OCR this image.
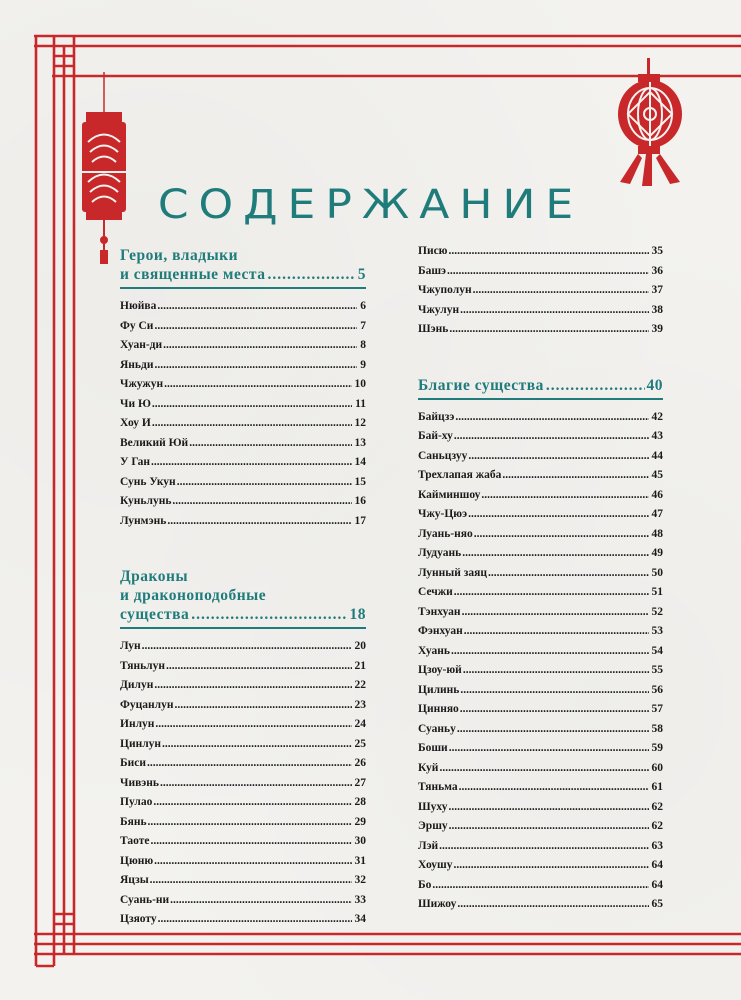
СОДЕРЖАНИЕ
Герои, владыки
и священные места .....	5
Нюйва .....	6
Фу Си .....	7
Хуан-ди .....	8
Яньди .....	9
Чжужун .....	10
Чи Ю .....	11
Хоу И .....	12
Великий Юй .....	13
У Ган .....	14
Сунь Укун .....	15
Куньлунь .....	16
Лунмэнь .....	17
Драконы
и драконоподобные
существа .....	18
Лун .....	20
Тяньлун .....	21
Дилун .....	22
Фуцанлун .....	23
Инлун .....	24
Цинлун .....	25
Биси .....	26
Чивэнь .....	27
Пулао .....	28
Бянь .....	29
Таоте .....	30
Цюню .....	31
Яцзы .....	32
Суань-ни .....	33
Цзяоту .....	34
Писю .....	35
Башэ .....	36
Чжуполун .....	37
Чжулун .....	38
Шэнь .....	39
Благие существа .....	40
Байцзэ .....	42
Бай-ху .....	43
Саньцзуу .....	44
Трехлапая жаба .....	45
Кайминшоу .....	46
Чжу-Цюэ .....	47
Луань-няо .....	48
Лудуань .....	49
Лунный заяц .....	50
Сечжи .....	51
Тэнхуан .....	52
Фэнхуан .....	53
Хуань .....	54
Цзоу-юй .....	55
Цилинь .....	56
Цинняо .....	57
Суаньу .....	58
Боши .....	59
Куй .....	60
Тяньма .....	61
Шуху .....	62
Эршу .....	62
Лэй .....	63
Хоушу .....	64
Бо .....	64
Шижоу .....	65
